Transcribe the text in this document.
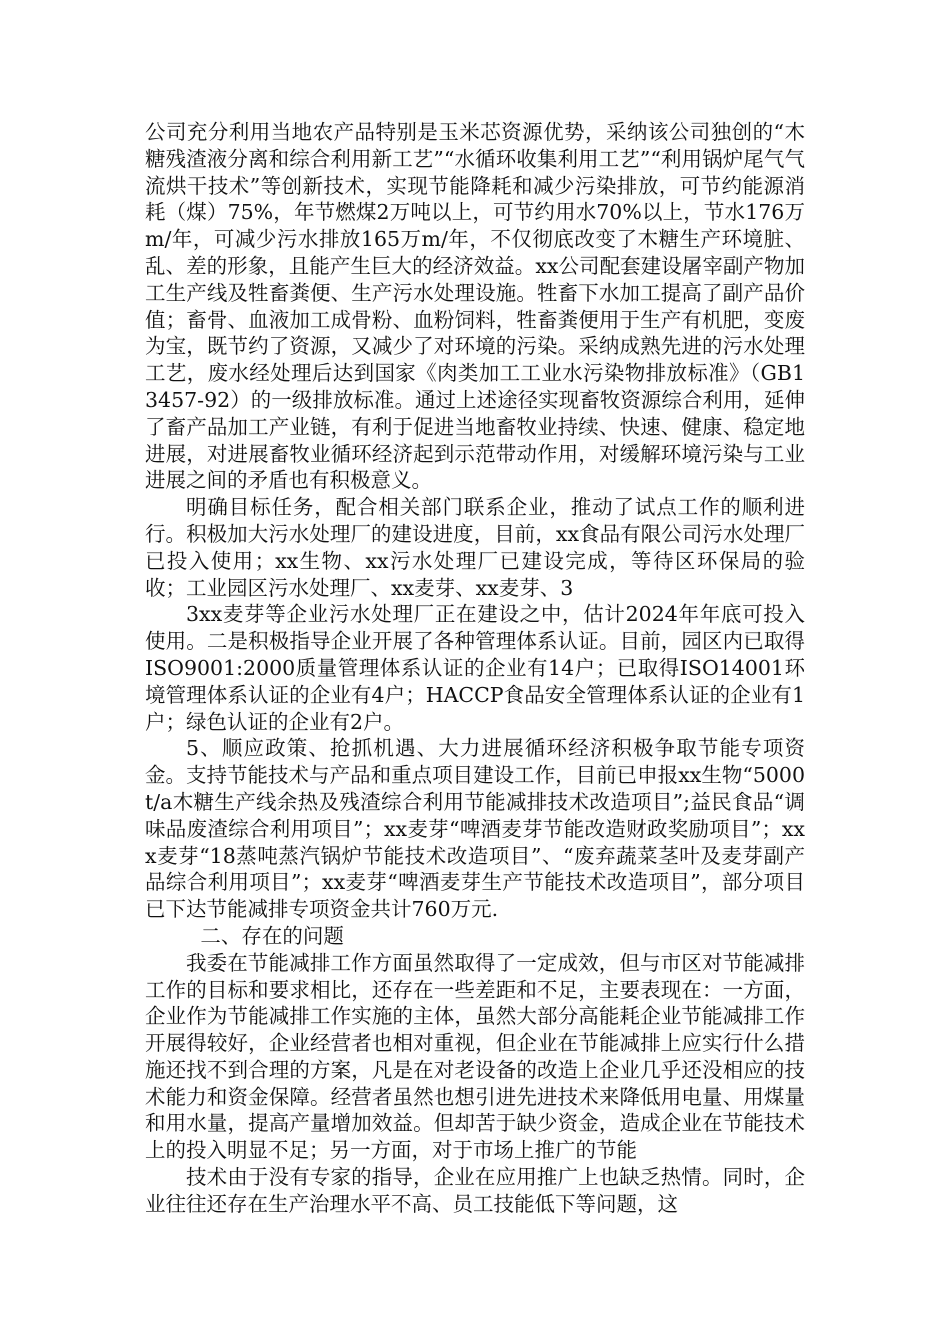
公司充分利用当地农产品特别是玉米芯资源优势，采纳该公司独创的“木糖残渣液分离和综合利用新工艺”“水循环收集利用工艺”“利用锅炉尾气气流烘干技术”等创新技术，实现节能降耗和减少污染排放，可节约能源消耗（煤）75%，年节燃煤2万吨以上，可节约用水70%以上，节水176万m/年，可减少污水排放165万m/年，不仅彻底改变了木糖生产环境脏、乱、差的形象，且能产生巨大的经济效益。xx公司配套建设屠宰副产物加工生产线及牲畜粪便、生产污水处理设施。牲畜下水加工提高了副产品价值；畜骨、血液加工成骨粉、血粉饲料，牲畜粪便用于生产有机肥，变废为宝，既节约了资源，又减少了对环境的污染。采纳成熟先进的污水处理工艺，废水经处理后达到国家《肉类加工工业水污染物排放标准》（GB13457-92）的一级排放标准。通过上述途径实现畜牧资源综合利用，延伸了畜产品加工产业链，有利于促进当地畜牧业持续、快速、健康、稳定地进展，对进展畜牧业循环经济起到示范带动作用，对缓解环境污染与工业进展之间的矛盾也有积极意义。

明确目标任务，配合相关部门联系企业，推动了试点工作的顺利进行。积极加大污水处理厂的建设进度，目前，xx食品有限公司污水处理厂已投入使用；xx生物、xx污水处理厂已建设完成，等待区环保局的验收；工业园区污水处理厂、xx麦芽、xx麦芽、3

3xx麦芽等企业污水处理厂正在建设之中，估计2024年年底可投入使用。二是积极指导企业开展了各种管理体系认证。目前，园区内已取得 ISO9001:2000质量管理体系认证的企业有14户；已取得ISO14001环境管理体系认证的企业有4户；HACCP食品安全管理体系认证的企业有1户；绿色认证的企业有2户。

5、顺应政策、抢抓机遇、大力进展循环经济积极争取节能专项资金。支持节能技术与产品和重点项目建设工作，目前已申报xx生物“5000t/a木糖生产线余热及残渣综合利用节能减排技术改造项目”;益民食品“调味品废渣综合利用项目”；xx麦芽“啤酒麦芽节能改造财政奖励项目”；xxx麦芽“18蒸吨蒸汽锅炉节能技术改造项目”、“废弃蔬菜茎叶及麦芽副产品综合利用项目”；xx麦芽“啤酒麦芽生产节能技术改造项目”，部分项目已下达节能减排专项资金共计760万元.

二、存在的问题

我委在节能减排工作方面虽然取得了一定成效，但与市区对节能减排工作的目标和要求相比，还存在一些差距和不足，主要表现在：一方面，企业作为节能减排工作实施的主体，虽然大部分高能耗企业节能减排工作开展得较好，企业经营者也相对重视，但企业在节能减排上应实行什么措施还找不到合理的方案，凡是在对老设备的改造上企业几乎还没相应的技术能力和资金保障。经营者虽然也想引进先进技术来降低用电量、用煤量和用水量，提高产量增加效益。但却苦于缺少资金，造成企业在节能技术上的投入明显不足；另一方面，对于市场上推广的节能

技术由于没有专家的指导，企业在应用推广上也缺乏热情。同时，企业往往还存在生产治理水平不高、员工技能低下等问题，这
